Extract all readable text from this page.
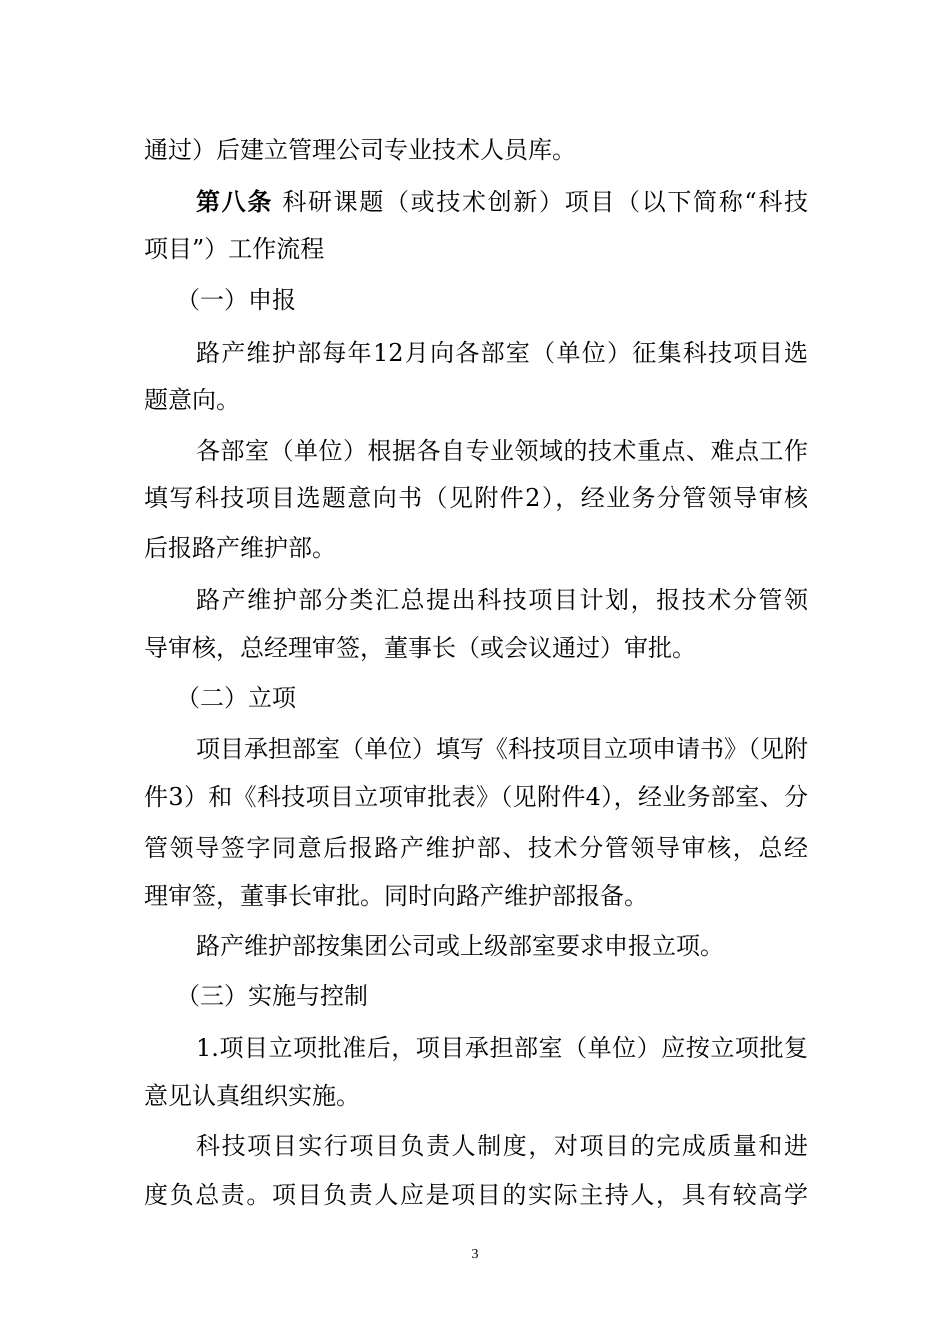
通过）后建立管理公司专业技术人员库。
第八条 科研课题（或技术创新）项目（以下简称“科技
项目”）工作流程
（一）申报
路产维护部每年12月向各部室（单位）征集科技项目选
题意向。
各部室（单位）根据各自专业领域的技术重点、难点工作
填写科技项目选题意向书（见附件2），经业务分管领导审核
后报路产维护部。
路产维护部分类汇总提出科技项目计划，报技术分管领
导审核，总经理审签，董事长（或会议通过）审批。
（二）立项
项目承担部室（单位）填写《科技项目立项申请书》（见附
件3）和《科技项目立项审批表》（见附件4），经业务部室、分
管领导签字同意后报路产维护部、技术分管领导审核，总经
理审签，董事长审批。同时向路产维护部报备。
路产维护部按集团公司或上级部室要求申报立项。
（三）实施与控制
1.项目立项批准后，项目承担部室（单位）应按立项批复
意见认真组织实施。
科技项目实行项目负责人制度，对项目的完成质量和进
度负总责。项目负责人应是项目的实际主持人，具有较高学
3
